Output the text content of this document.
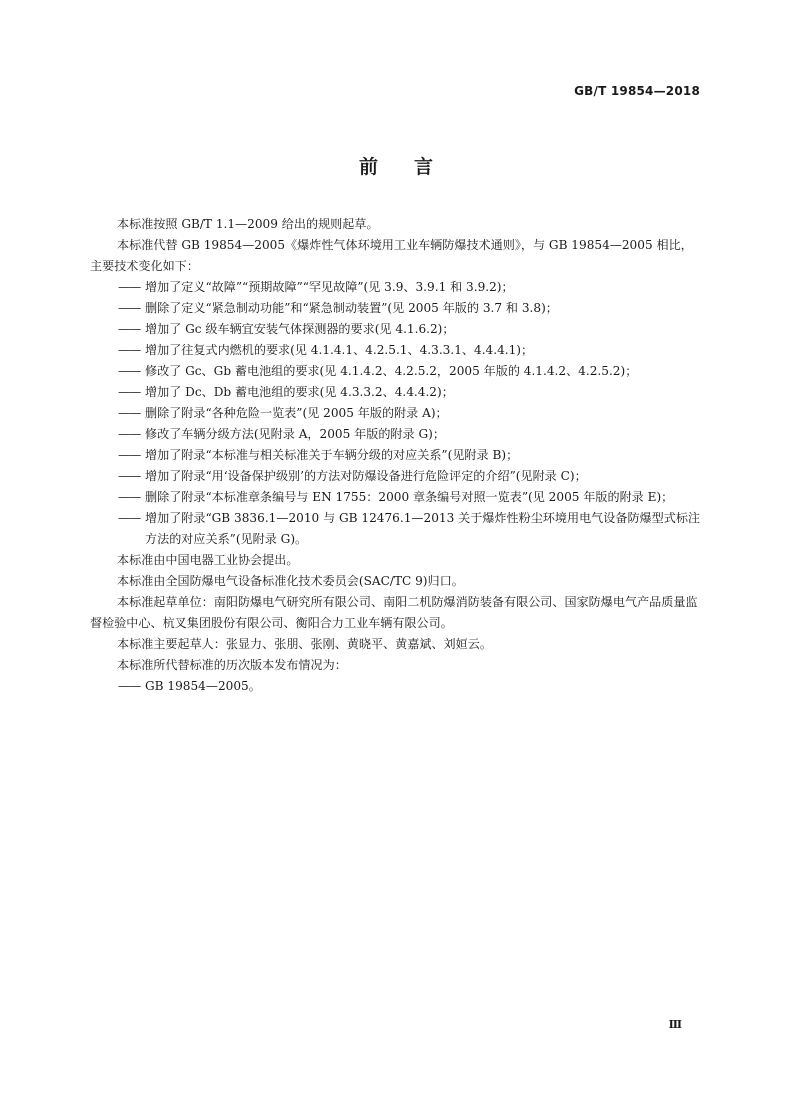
GB/T 19854—2018
前言

本标准按照 GB/T 1.1—2009 给出的规则起草。

本标准代替 GB 19854—2005《爆炸性气体环境用工业车辆防爆技术通则》，与 GB 19854—2005 相比，主要技术变化如下：

—— 增加了定义“故障”“预期故障”“罕见故障”(见 3.9、3.9.1 和 3.9.2)；

—— 删除了定义“紧急制动功能”和“紧急制动装置”(见 2005 年版的 3.7 和 3.8)；

—— 增加了 Gc 级车辆宜安装气体探测器的要求(见 4.1.6.2)；

—— 增加了往复式内燃机的要求(见 4.1.4.1、4.2.5.1、4.3.3.1、4.4.4.1)；

—— 修改了 Gc、Gb 蓄电池组的要求(见 4.1.4.2、4.2.5.2，2005 年版的 4.1.4.2、4.2.5.2)；

—— 增加了 Dc、Db 蓄电池组的要求(见 4.3.3.2、4.4.4.2)；

—— 删除了附录“各种危险一览表”(见 2005 年版的附录 A)；

—— 修改了车辆分级方法(见附录 A，2005 年版的附录 G)；

—— 增加了附录“本标准与相关标准关于车辆分级的对应关系”(见附录 B)；

—— 增加了附录“用‘设备保护级别’的方法对防爆设备进行危险评定的介绍”(见附录 C)；

—— 删除了附录“本标准章条编号与 EN 1755：2000 章条编号对照一览表”(见 2005 年版的附录 E)；

—— 增加了附录“GB 3836.1—2010 与 GB 12476.1—2013 关于爆炸性粉尘环境用电气设备防爆型式标注方法的对应关系”(见附录 G)。

本标准由中国电器工业协会提出。

本标准由全国防爆电气设备标准化技术委员会(SAC/TC 9)归口。

本标准起草单位：南阳防爆电气研究所有限公司、南阳二机防爆消防装备有限公司、国家防爆电气产品质量监督检验中心、杭叉集团股份有限公司、衡阳合力工业车辆有限公司。

本标准主要起草人：张显力、张朋、张刚、黄晓平、黄嘉斌、刘姮云。

本标准所代替标准的历次版本发布情况为：

—— GB 19854—2005。

Ⅲ
